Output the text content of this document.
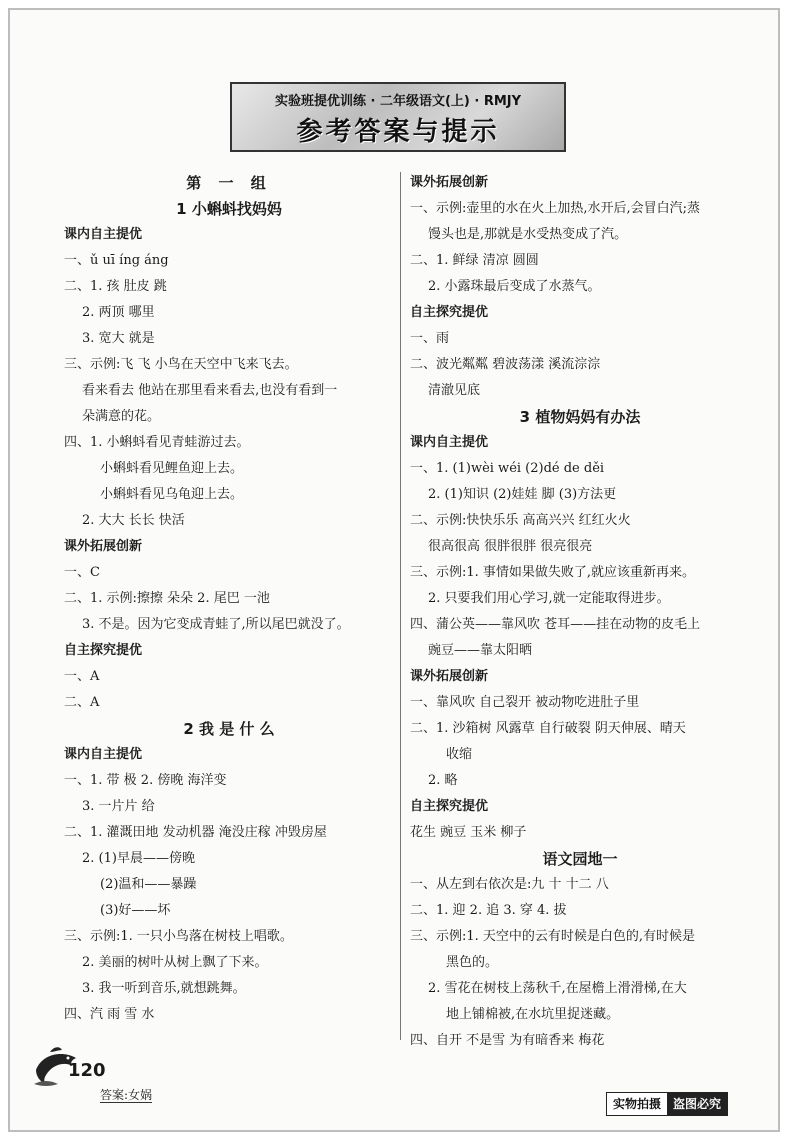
实验班提优训练 · 二年级语文(上) · RMJY
参考答案与提示
第 一 组
1 小蝌蚪找妈妈
课内自主提优
一、ǔ uī íng áng
二、1. 孩 肚皮 跳
2. 两顶 哪里
3. 宽大 就是
三、示例:飞 飞 小鸟在天空中飞来飞去。
看来看去 他站在那里看来看去,也没有看到一
朵满意的花。
四、1. 小蝌蚪看见青蛙游过去。
小蝌蚪看见鲤鱼迎上去。
小蝌蚪看见乌龟迎上去。
2. 大大 长长 快活
课外拓展创新
一、C
二、1. 示例:擦擦 朵朵 2. 尾巴 一池
3. 不是。因为它变成青蛙了,所以尾巴就没了。
自主探究提优
一、A
二、A
2 我 是 什 么
课内自主提优
一、1. 带 极 2. 傍晚 海洋变
3. 一片片 给
二、1. 灌溉田地 发动机器 淹没庄稼 冲毁房屋
2. (1)早晨——傍晚
(2)温和——暴躁
(3)好——坏
三、示例:1. 一只小鸟落在树枝上唱歌。
2. 美丽的树叶从树上飘了下来。
3. 我一听到音乐,就想跳舞。
四、汽 雨 雪 水
课外拓展创新
一、示例:壶里的水在火上加热,水开后,会冒白汽;蒸
馒头也是,那就是水受热变成了汽。
二、1. 鲜绿 清凉 圆圆
2. 小露珠最后变成了水蒸气。
自主探究提优
一、雨
二、波光粼粼 碧波荡漾 溪流淙淙
清澈见底
3 植物妈妈有办法
课内自主提优
一、1. (1)wèi wéi (2)dé de děi
2. (1)知识 (2)娃娃 脚 (3)方法更
二、示例:快快乐乐 高高兴兴 红红火火
很高很高 很胖很胖 很亮很亮
三、示例:1. 事情如果做失败了,就应该重新再来。
2. 只要我们用心学习,就一定能取得进步。
四、蒲公英——靠风吹 苍耳——挂在动物的皮毛上
豌豆——靠太阳晒
课外拓展创新
一、靠风吹 自己裂开 被动物吃进肚子里
二、1. 沙箱树 风露草 自行破裂 阴天伸展、晴天
收缩
2. 略
自主探究提优
花生 豌豆 玉米 柳子
语文园地一
一、从左到右依次是:九 十 十二 八
二、1. 迎 2. 追 3. 穿 4. 拔
三、示例:1. 天空中的云有时候是白色的,有时候是
黑色的。
2. 雪花在树枝上荡秋千,在屋檐上滑滑梯,在大
地上铺棉被,在水坑里捉迷藏。
四、自开 不是雪 为有暗香来 梅花
120
答案:女娲
实物拍摄	盗图必究
